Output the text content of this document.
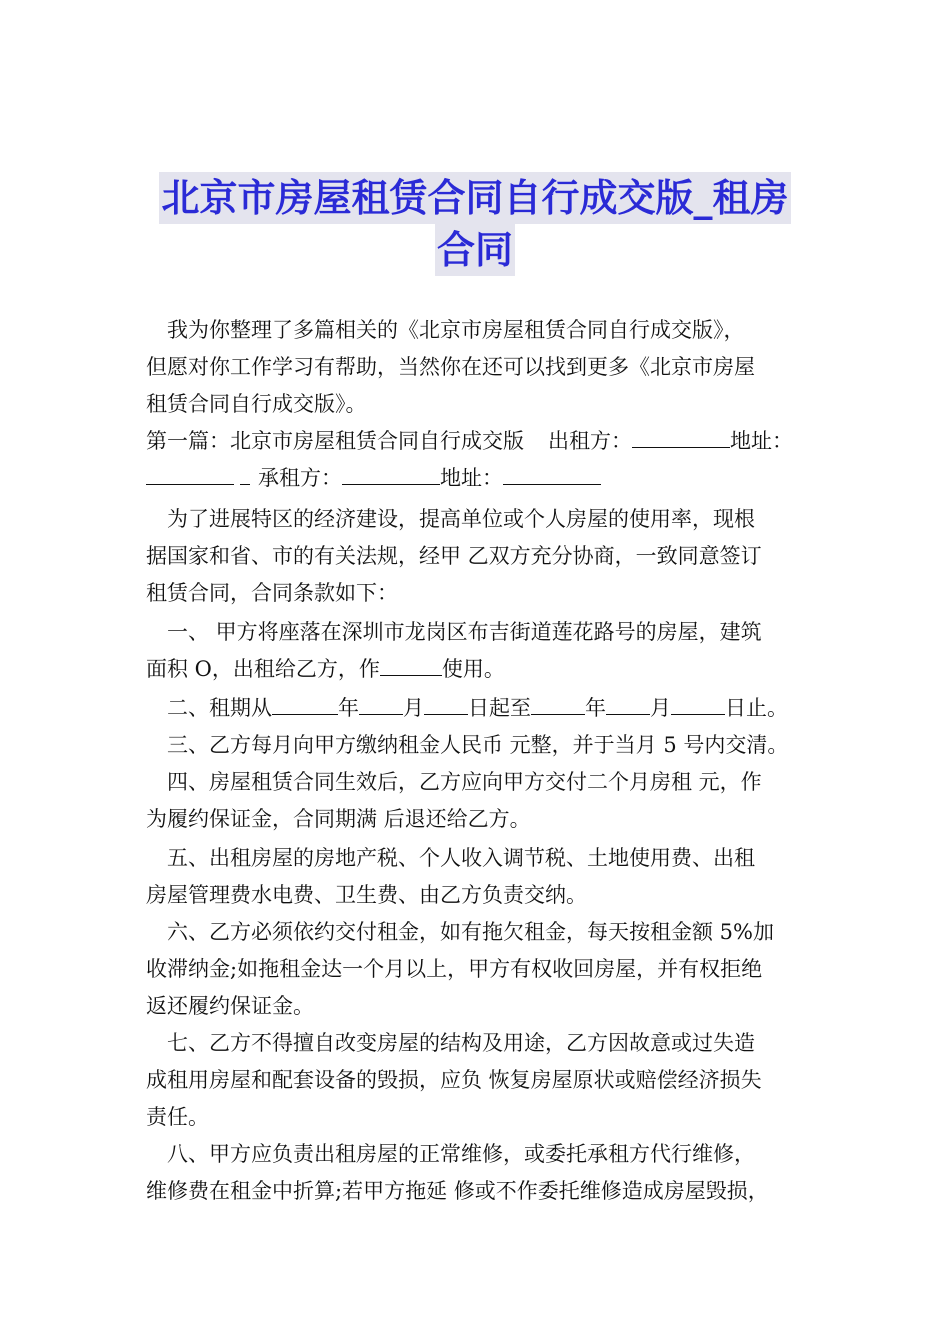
北京市房屋租赁合同自行成交版_租房
合同

我为你整理了多篇相关的《北京市房屋租赁合同自行成交版》，

但愿对你工作学习有帮助，当然你在还可以找到更多《北京市房屋

租赁合同自行成交版》。

第一篇：北京市房屋租赁合同自行成交版 出租方：	地址：

承租方：	地址：

为了进展特区的经济建设，提高单位或个人房屋的使用率，现根

据国家和省、市的有关法规，经甲 乙双方充分协商，一致同意签订

租赁合同，合同条款如下：

一、 甲方将座落在深圳市龙岗区布吉街道莲花路号的房屋，建筑

面积 O，出租给乙方，作	使用。

二、租期从	年 月 日起至	年 月	日止。

三、乙方每月向甲方缴纳租金人民币 元整，并于当月 5 号内交清。

四、房屋租赁合同生效后，乙方应向甲方交付二个月房租 元，作

为履约保证金，合同期满 后退还给乙方。

五、出租房屋的房地产税、个人收入调节税、土地使用费、出租

房屋管理费水电费、卫生费、由乙方负责交纳。

六、乙方必须依约交付租金，如有拖欠租金，每天按租金额 5%加

收滞纳金;如拖租金达一个月以上，甲方有权收回房屋，并有权拒绝

返还履约保证金。

七、乙方不得擅自改变房屋的结构及用途，乙方因故意或过失造

成租用房屋和配套设备的毁损，应负 恢复房屋原状或赔偿经济损失

责任。

八、甲方应负责出租房屋的正常维修，或委托承租方代行维修，

维修费在租金中折算;若甲方拖延 修或不作委托维修造成房屋毁损，
